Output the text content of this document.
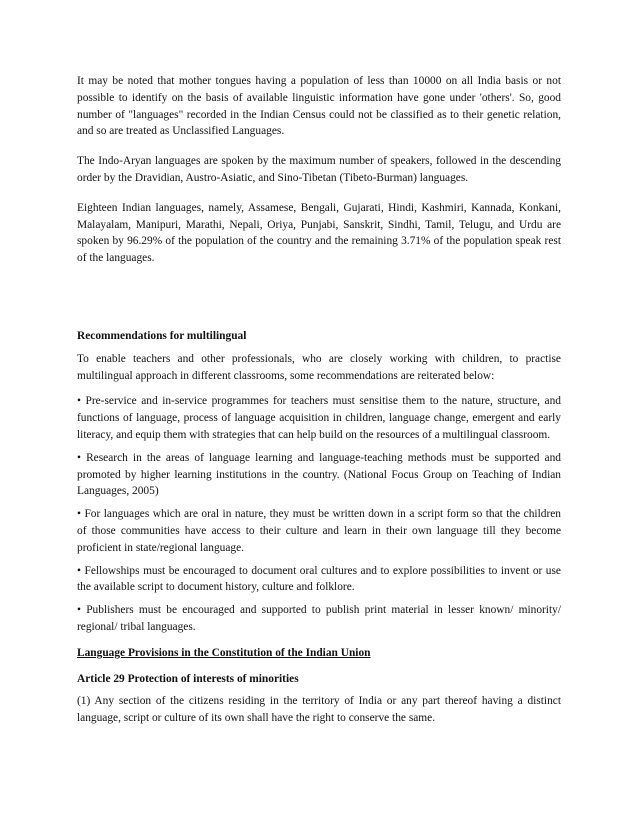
It may be noted that mother tongues having a population of less than 10000 on all India basis or not possible to identify on the basis of available linguistic information have gone under 'others'. So, good number of "languages" recorded in the Indian Census could not be classified as to their genetic relation, and so are treated as Unclassified Languages.

The Indo-Aryan languages are spoken by the maximum number of speakers, followed in the descending order by the Dravidian, Austro-Asiatic, and Sino-Tibetan (Tibeto-Burman) languages.

Eighteen Indian languages, namely, Assamese, Bengali, Gujarati, Hindi, Kashmiri, Kannada, Konkani, Malayalam, Manipuri, Marathi, Nepali, Oriya, Punjabi, Sanskrit, Sindhi, Tamil, Telugu, and Urdu are spoken by 96.29% of the population of the country and the remaining 3.71% of the population speak rest of the languages.

Recommendations for multilingual

To enable teachers and other professionals, who are closely working with children, to practise multilingual approach in different classrooms, some recommendations are reiterated below:

• Pre-service and in-service programmes for teachers must sensitise them to the nature, structure, and functions of language, process of language acquisition in children, language change, emergent and early literacy, and equip them with strategies that can help build on the resources of a multilingual classroom.

• Research in the areas of language learning and language-teaching methods must be supported and promoted by higher learning institutions in the country. (National Focus Group on Teaching of Indian Languages, 2005)

• For languages which are oral in nature, they must be written down in a script form so that the children of those communities have access to their culture and learn in their own language till they become proficient in state/regional language.

• Fellowships must be encouraged to document oral cultures and to explore possibilities to invent or use the available script to document history, culture and folklore.

• Publishers must be encouraged and supported to publish print material in lesser known/ minority/ regional/ tribal languages.

Language Provisions in the Constitution of the Indian Union

Article 29 Protection of interests of minorities

(1) Any section of the citizens residing in the territory of India or any part thereof having a distinct language, script or culture of its own shall have the right to conserve the same.
